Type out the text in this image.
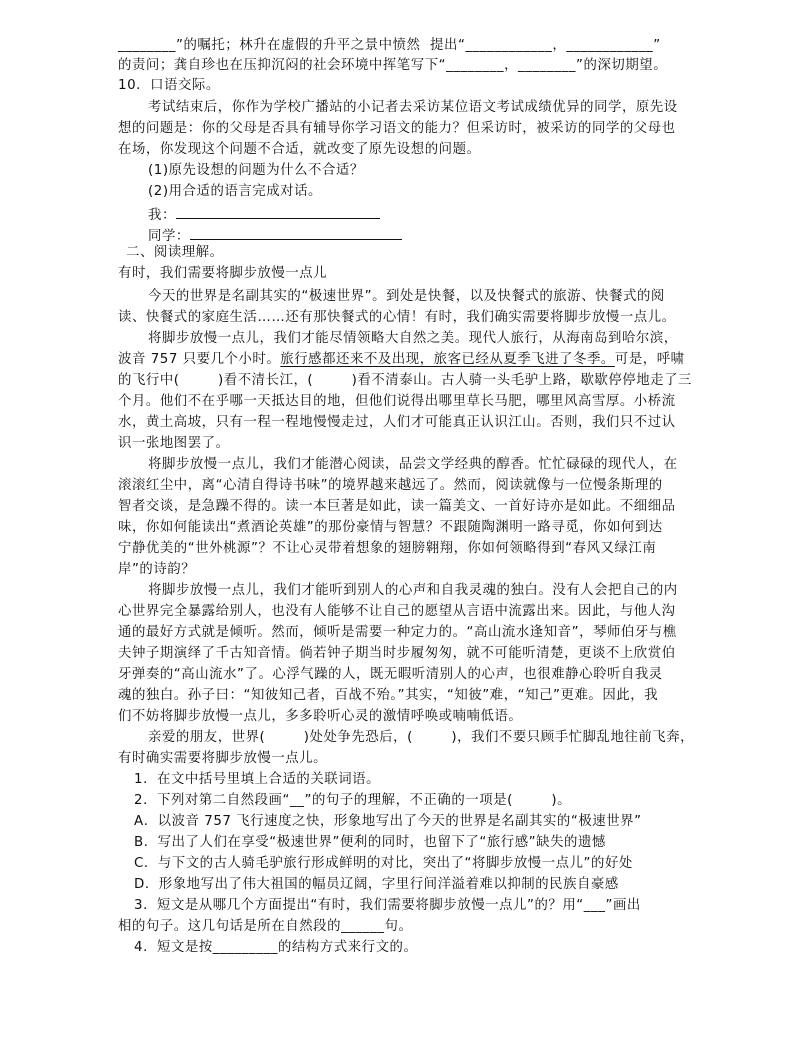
________”的嘱托；林升在虚假的升平之景中愤然  提出“____________，____________”
的责问；龚自珍也在压抑沉闷的社会环境中挥笔写下“________，________”的深切期望。
10．口语交际。
考试结束后，你作为学校广播站的小记者去采访某位语文考试成绩优异的同学，原先设
想的问题是：你的父母是否具有辅导你学习语文的能力？但采访时，被采访的同学的父母也
在场，你发现这个问题不合适，就改变了原先设想的问题。
(1)原先设想的问题为什么不合适？
(2)用合适的语言完成对话。
我：
同学：
二、阅读理解。
有时，我们需要将脚步放慢一点儿
今天的世界是名副其实的“极速世界”。到处是快餐，以及快餐式的旅游、快餐式的阅
读、快餐式的家庭生活……还有那快餐式的心情！有时，我们确实需要将脚步放慢一点儿。
将脚步放慢一点儿，我们才能尽情领略大自然之美。现代人旅行，从海南岛到哈尔滨，
波音 757 只要几个小时。旅行感都还来不及出现，旅客已经从夏季飞进了冬季。可是，呼啸
的飞行中(        )看不清长江，(        )看不清泰山。古人骑一头毛驴上路，歇歇停停地走了三
个月。他们不在乎哪一天抵达目的地，但他们说得出哪里草长马肥，哪里风高雪厚。小桥流
水，黄土高坡，只有一程一程地慢慢走过，人们才可能真正认识江山。否则，我们只不过认
识一张地图罢了。
将脚步放慢一点儿，我们才能潜心阅读，品尝文学经典的醇香。忙忙碌碌的现代人，在
滚滚红尘中，离“心清自得诗书味”的境界越来越远了。然而，阅读就像与一位慢条斯理的
智者交谈，是急躁不得的。读一本巨著是如此，读一篇美文、一首好诗亦是如此。不细细品
味，你如何能读出“煮酒论英雄”的那份豪情与智慧？不跟随陶渊明一路寻觅，你如何到达
宁静优美的“世外桃源”？不让心灵带着想象的翅膀翱翔，你如何领略得到“春风又绿江南
岸”的诗韵？
将脚步放慢一点儿，我们才能听到别人的心声和自我灵魂的独白。没有人会把自己的内
心世界完全暴露给别人，也没有人能够不让自己的愿望从言语中流露出来。因此，与他人沟
通的最好方式就是倾听。然而，倾听是需要一种定力的。“高山流水逢知音”，琴师伯牙与樵
夫钟子期演绎了千古知音情。倘若钟子期当时步履匆匆，就不可能听清楚，更谈不上欣赏伯
牙弹奏的“高山流水”了。心浮气躁的人，既无暇听清别人的心声，也很难静心聆听自我灵
魂的独白。孙子曰：“知彼知己者，百战不殆。”其实，“知彼”难，“知己”更难。因此，我
们不妨将脚步放慢一点儿，多多聆听心灵的激情呼唤或喃喃低语。
亲爱的朋友，世界(        )处处争先恐后，(        )，我们不要只顾手忙脚乱地往前飞奔，
有时确实需要将脚步放慢一点儿。
1．在文中括号里填上合适的关联词语。
2．下列对第二自然段画“__”的句子的理解，不正确的一项是(        )。
A．以波音 757 飞行速度之快，形象地写出了今天的世界是名副其实的“极速世界”
B．写出了人们在享受“极速世界”便利的同时，也留下了“旅行感”缺失的遗憾
C．与下文的古人骑毛驴旅行形成鲜明的对比，突出了“将脚步放慢一点儿”的好处
D．形象地写出了伟大祖国的幅员辽阔，字里行间洋溢着难以抑制的民族自豪感
3．短文是从哪几个方面提出“有时，我们需要将脚步放慢一点儿”的？用“___”画出
相的句子。这几句话是所在自然段的______句。
4．短文是按_________的结构方式来行文的。
